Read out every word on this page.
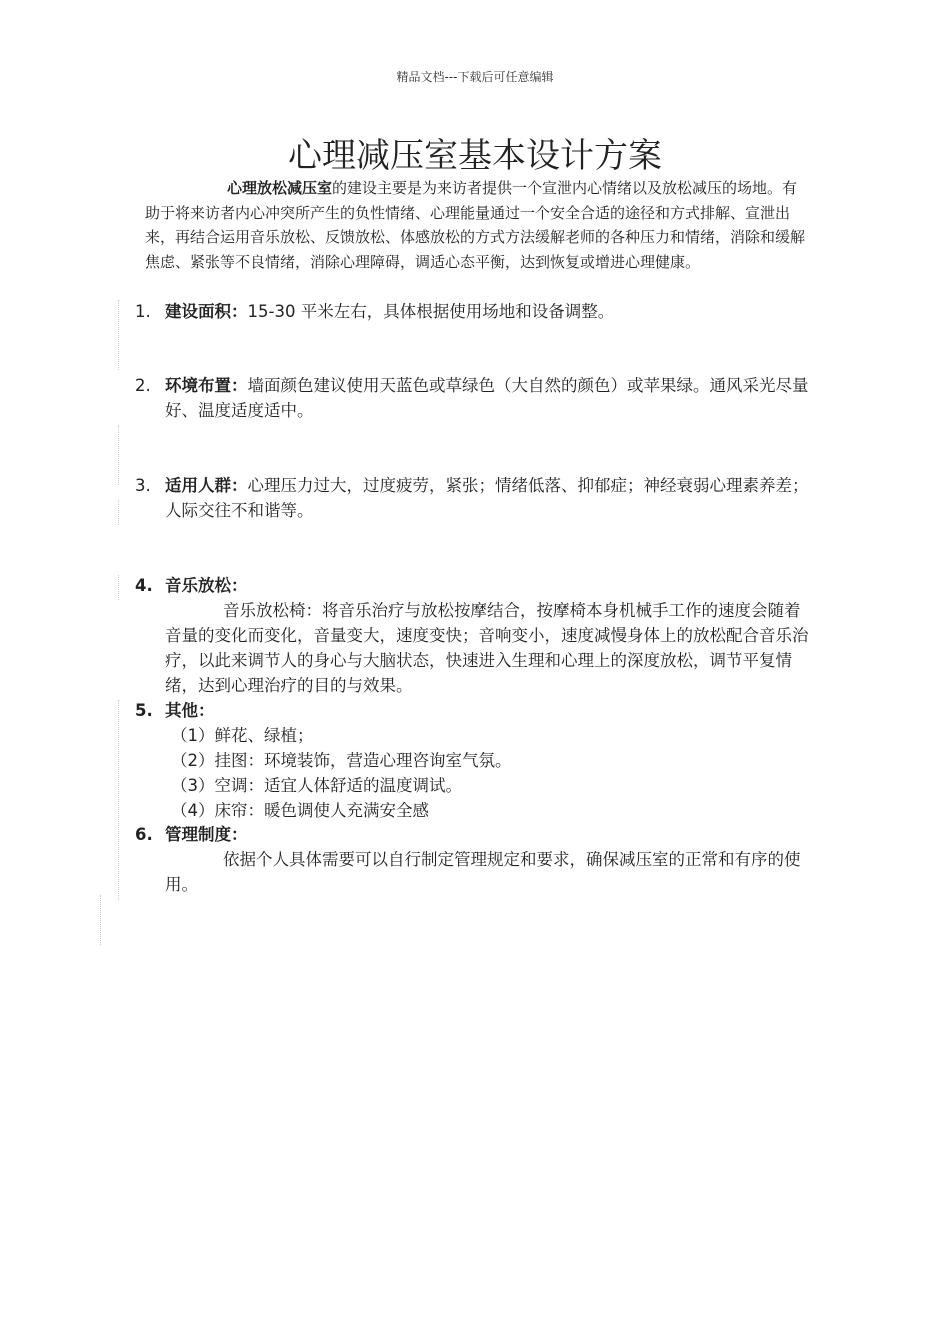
精品文档---下载后可任意编辑
心理减压室基本设计方案
心理放松减压室的建设主要是为来访者提供一个宣泄内心情绪以及放松减压的场地。有助于将来访者内心冲突所产生的负性情绪、心理能量通过一个安全合适的途径和方式排解、宣泄出来，再结合运用音乐放松、反馈放松、体感放松的方式方法缓解老师的各种压力和情绪，消除和缓解焦虑、紧张等不良情绪，消除心理障碍，调适心态平衡，达到恢复或增进心理健康。
1. 建设面积：15-30 平米左右，具体根据使用场地和设备调整。
2. 环境布置：墙面颜色建议使用天蓝色或草绿色（大自然的颜色）或苹果绿。通风采光尽量好、温度适度适中。
3. 适用人群：心理压力过大，过度疲劳，紧张；情绪低落、抑郁症；神经衰弱心理素养差；人际交往不和谐等。
4. 音乐放松：
音乐放松椅：将音乐治疗与放松按摩结合，按摩椅本身机械手工作的速度会随着音量的变化而变化，音量变大，速度变快；音响变小，速度减慢身体上的放松配合音乐治疗，以此来调节人的身心与大脑状态，快速进入生理和心理上的深度放松，调节平复情绪，达到心理治疗的目的与效果。
5. 其他：
（1）鲜花、绿植；
（2）挂图：环境装饰，营造心理咨询室气氛。
（3）空调：适宜人体舒适的温度调试。
（4）床帘：暖色调使人充满安全感
6. 管理制度：
依据个人具体需要可以自行制定管理规定和要求，确保减压室的正常和有序的使用。
